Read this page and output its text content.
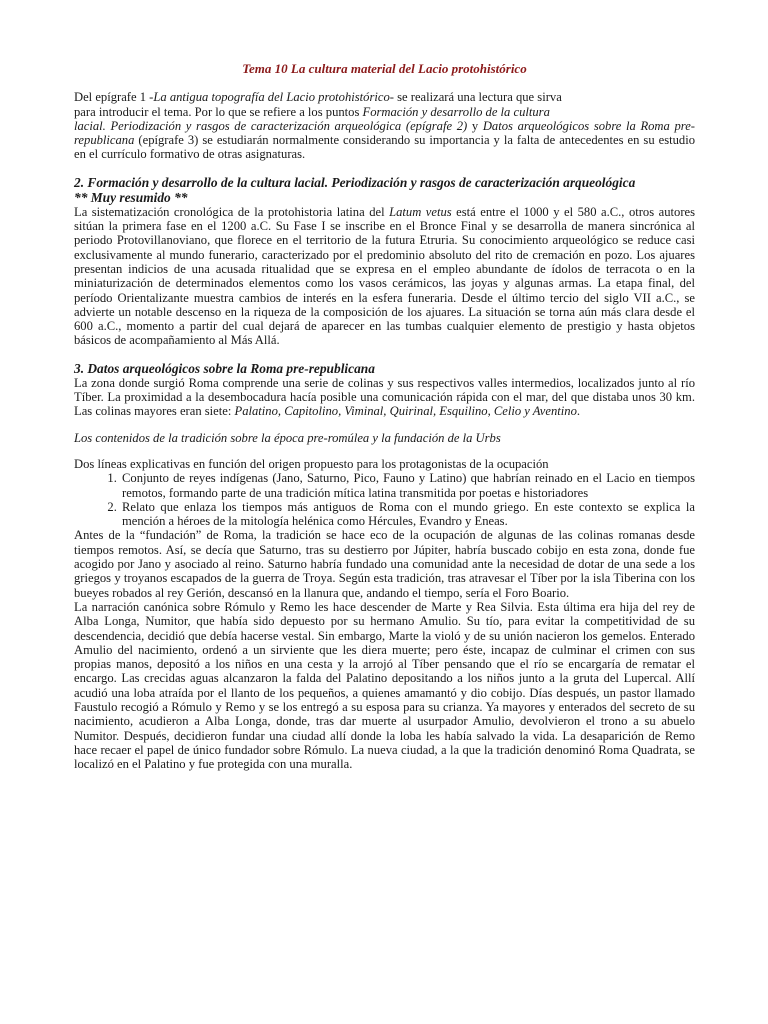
Tema 10 La cultura material del Lacio protohistórico

Del epígrafe 1 -La antigua topografía del Lacio protohistórico- se realizará una lectura que sirva
para introducir el tema. Por lo que se refiere a los puntos Formación y desarrollo de la cultura
lacial. Periodización y rasgos de caracterización arqueológica (epígrafe 2) y Datos arqueológicos sobre la Roma pre-republicana (epígrafe 3) se estudiarán normalmente considerando su importancia y la falta de antecedentes en su estudio en el currículo formativo de otras asignaturas.

2. Formación y desarrollo de la cultura lacial. Periodización y rasgos de caracterización arqueológica

** Muy resumido **

La sistematización cronológica de la protohistoria latina del Latum vetus está entre el 1000 y el 580 a.C., otros autores sitúan la primera fase en el 1200 a.C. Su Fase I se inscribe en el Bronce Final y se desarrolla de manera sincrónica al periodo Protovillanoviano, que florece en el territorio de la futura Etruria. Su conocimiento arqueológico se reduce casi exclusivamente al mundo funerario, caracterizado por el predominio absoluto del rito de cremación en pozo. Los ajuares presentan indicios de una acusada ritualidad que se expresa en el empleo abundante de ídolos de terracota o en la miniaturización de determinados elementos como los vasos cerámicos, las joyas y algunas armas. La etapa final, del período Orientalizante muestra cambios de interés en la esfera funeraria. Desde el último tercio del siglo VII a.C., se advierte un notable descenso en la riqueza de la composición de los ajuares. La situación se torna aún más clara desde el 600 a.C., momento a partir del cual dejará de aparecer en las tumbas cualquier elemento de prestigio y hasta objetos básicos de acompañamiento al Más Allá.

3. Datos arqueológicos sobre la Roma pre-republicana

La zona donde surgió Roma comprende una serie de colinas y sus respectivos valles intermedios, localizados junto al río Tíber. La proximidad a la desembocadura hacía posible una comunicación rápida con el mar, del que distaba unos 30 km. Las colinas mayores eran siete: Palatino, Capitolino, Viminal, Quirinal, Esquilino, Celio y Aventino.

Los contenidos de la tradición sobre la época pre-romúlea y la fundación de la Urbs

Dos líneas explicativas en función del origen propuesto para los protagonistas de la ocupación

1. Conjunto de reyes indígenas (Jano, Saturno, Pico, Fauno y Latino) que habrían reinado en el Lacio en tiempos remotos, formando parte de una tradición mítica latina transmitida por poetas e historiadores
2. Relato que enlaza los tiempos más antiguos de Roma con el mundo griego. En este contexto se explica la mención a héroes de la mitología helénica como Hércules, Evandro y Eneas.

Antes de la “fundación” de Roma, la tradición se hace eco de la ocupación de algunas de las colinas romanas desde tiempos remotos. Así, se decía que Saturno, tras su destierro por Júpiter, habría buscado cobijo en esta zona, donde fue acogido por Jano y asociado al reino. Saturno habría fundado una comunidad ante la necesidad de dotar de una sede a los griegos y troyanos escapados de la guerra de Troya. Según esta tradición, tras atravesar el Tíber por la isla Tiberina con los bueyes robados al rey Gerión, descansó en la llanura que, andando el tiempo, sería el Foro Boario.

La narración canónica sobre Rómulo y Remo les hace descender de Marte y Rea Silvia. Esta última era hija del rey de Alba Longa, Numitor, que había sido depuesto por su hermano Amulio. Su tío, para evitar la competitividad de su descendencia, decidió que debía hacerse vestal. Sin embargo, Marte la violó y de su unión nacieron los gemelos. Enterado Amulio del nacimiento, ordenó a un sirviente que les diera muerte; pero éste, incapaz de culminar el crimen con sus propias manos, depositó a los niños en una cesta y la arrojó al Tíber pensando que el río se encargaría de rematar el encargo. Las crecidas aguas alcanzaron la falda del Palatino depositando a los niños junto a la gruta del Lupercal. Allí acudió una loba atraída por el llanto de los pequeños, a quienes amamantó y dio cobijo. Días después, un pastor llamado Faustulo recogió a Rómulo y Remo y se los entregó a su esposa para su crianza. Ya mayores y enterados del secreto de su nacimiento, acudieron a Alba Longa, donde, tras dar muerte al usurpador Amulio, devolvieron el trono a su abuelo Numitor. Después, decidieron fundar una ciudad allí donde la loba les había salvado la vida. La desaparición de Remo hace recaer el papel de único fundador sobre Rómulo. La nueva ciudad, a la que la tradición denominó Roma Quadrata, se localizó en el Palatino y fue protegida con una muralla.
